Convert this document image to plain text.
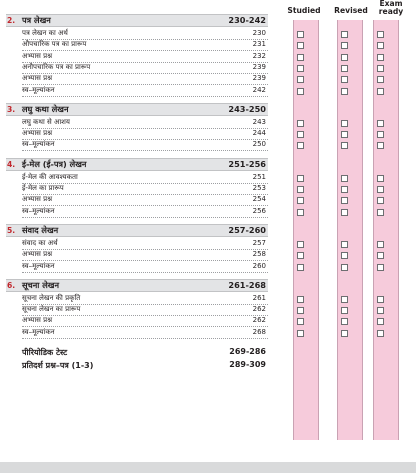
Studied	Revised
Exam ready
2. पत्र लेखन	230-242
पत्र लेखन का अर्थ	230
औपचारिक पत्र का प्रारूप	231
अभ्यास प्रश्न	232
अनौपचारिक पत्र का प्रारूप	239
अभ्यास प्रश्न	239
स्व–मूल्यांकन	242
3. लघु कथा लेखन	243-250
लघु कथा से आशय	243
अभ्यास प्रश्न	244
स्व–मूल्यांकन	250
4. ई-मेल (ई-पत्र) लेखन	251-256
ई-मेल की आवश्यकता	251
ई-मेल का प्रारूप	253
अभ्यास प्रश्न	254
स्व–मूल्यांकन	256
5. संवाद लेखन	257-260
संवाद का अर्थ	257
अभ्यास प्रश्न	258
स्व–मूल्यांकन	260
6. सूचना लेखन	261-268
सूचना लेखन की प्रकृति	261
सूचना लेखन का प्रारूप	262
अभ्यास प्रश्न	262
स्व–मूल्यांकन	268
पीरियोडिक टेस्ट	269-286
प्रतिदर्श प्रश्न–पत्र (1-3)	289-309
